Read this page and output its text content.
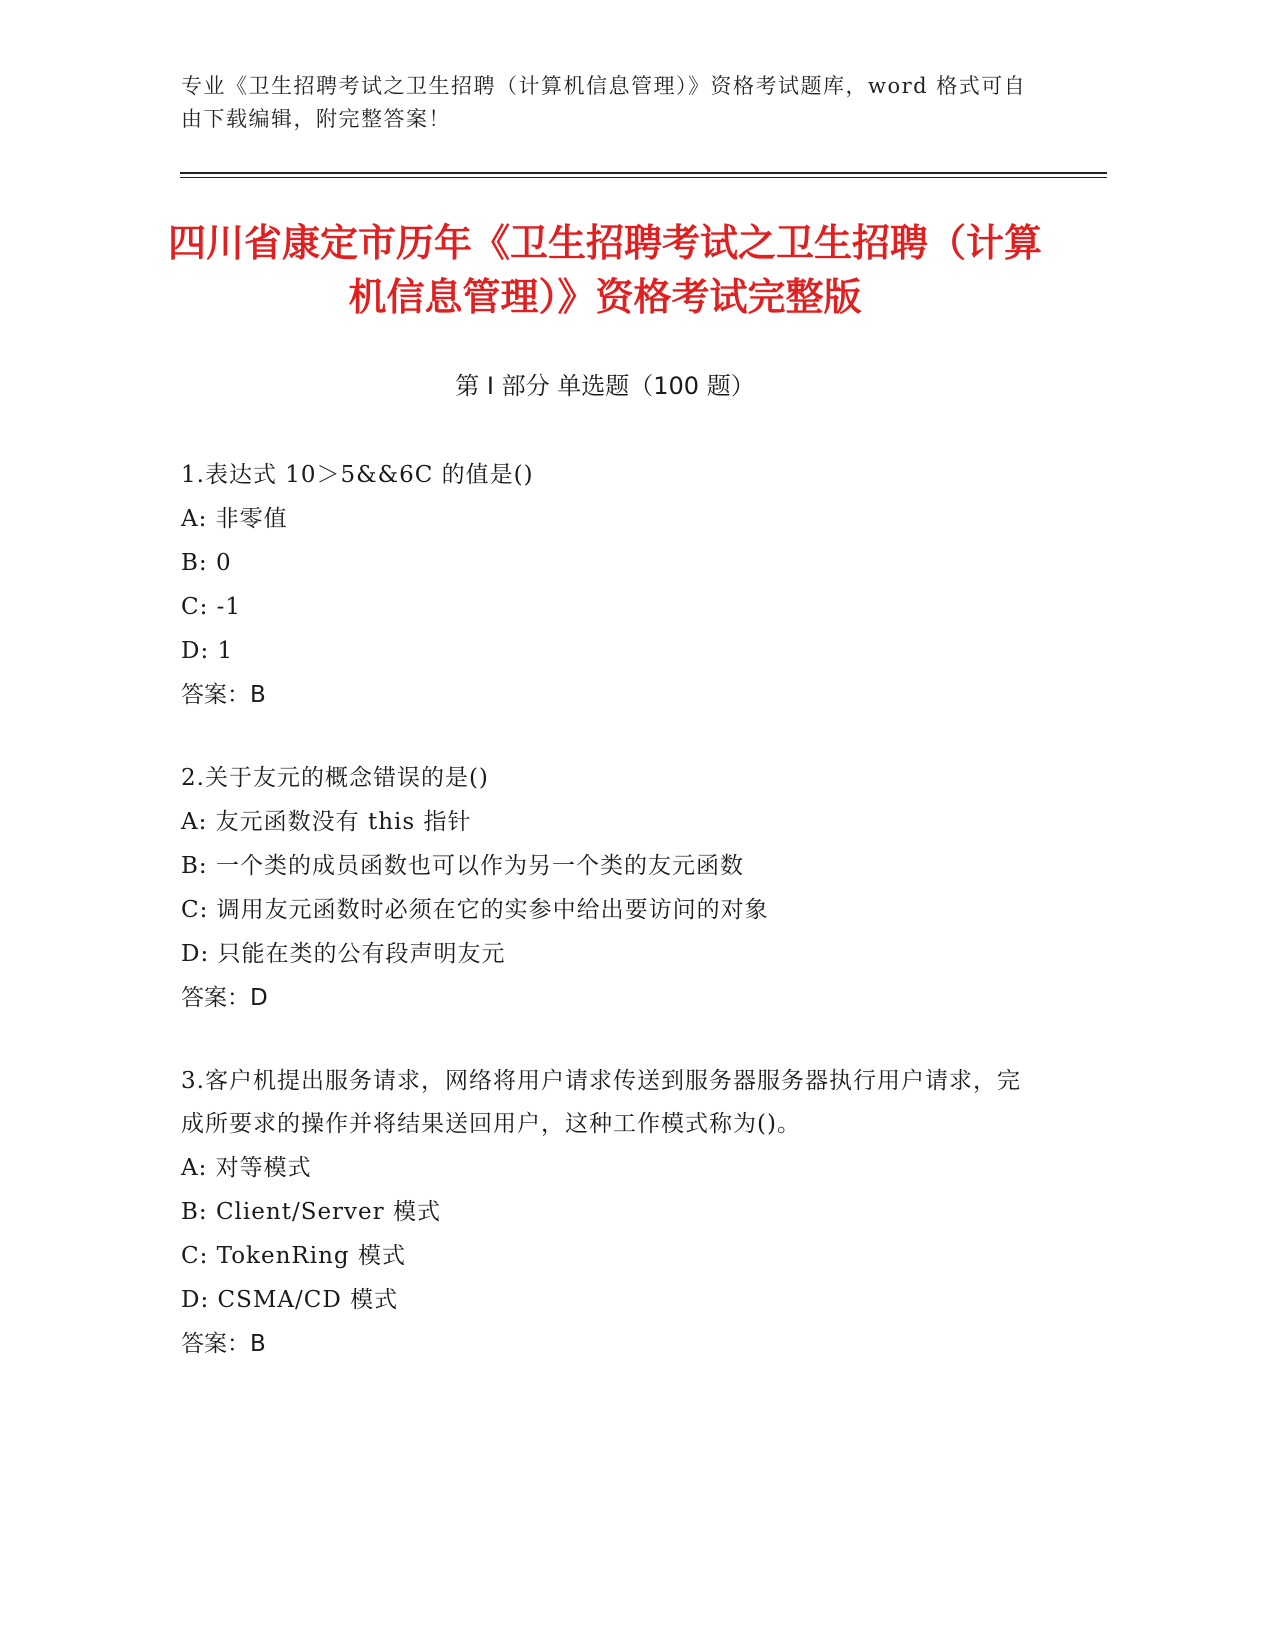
专业《卫生招聘考试之卫生招聘（计算机信息管理）》资格考试题库，word 格式可自由下载编辑，附完整答案！
四川省康定市历年《卫生招聘考试之卫生招聘（计算机信息管理）》资格考试完整版
第 I 部分 单选题（100 题）
1.表达式 10＞5&&6C 的值是()
A: 非零值
B: 0
C: -1
D: 1
答案：B
2.关于友元的概念错误的是()
A: 友元函数没有 this 指针
B: 一个类的成员函数也可以作为另一个类的友元函数
C: 调用友元函数时必须在它的实参中给出要访问的对象
D: 只能在类的公有段声明友元
答案：D
3.客户机提出服务请求，网络将用户请求传送到服务器服务器执行用户请求，完成所要求的操作并将结果送回用户，这种工作模式称为()。
A: 对等模式
B: Client/Server 模式
C: TokenRing 模式
D: CSMA/CD 模式
答案：B
